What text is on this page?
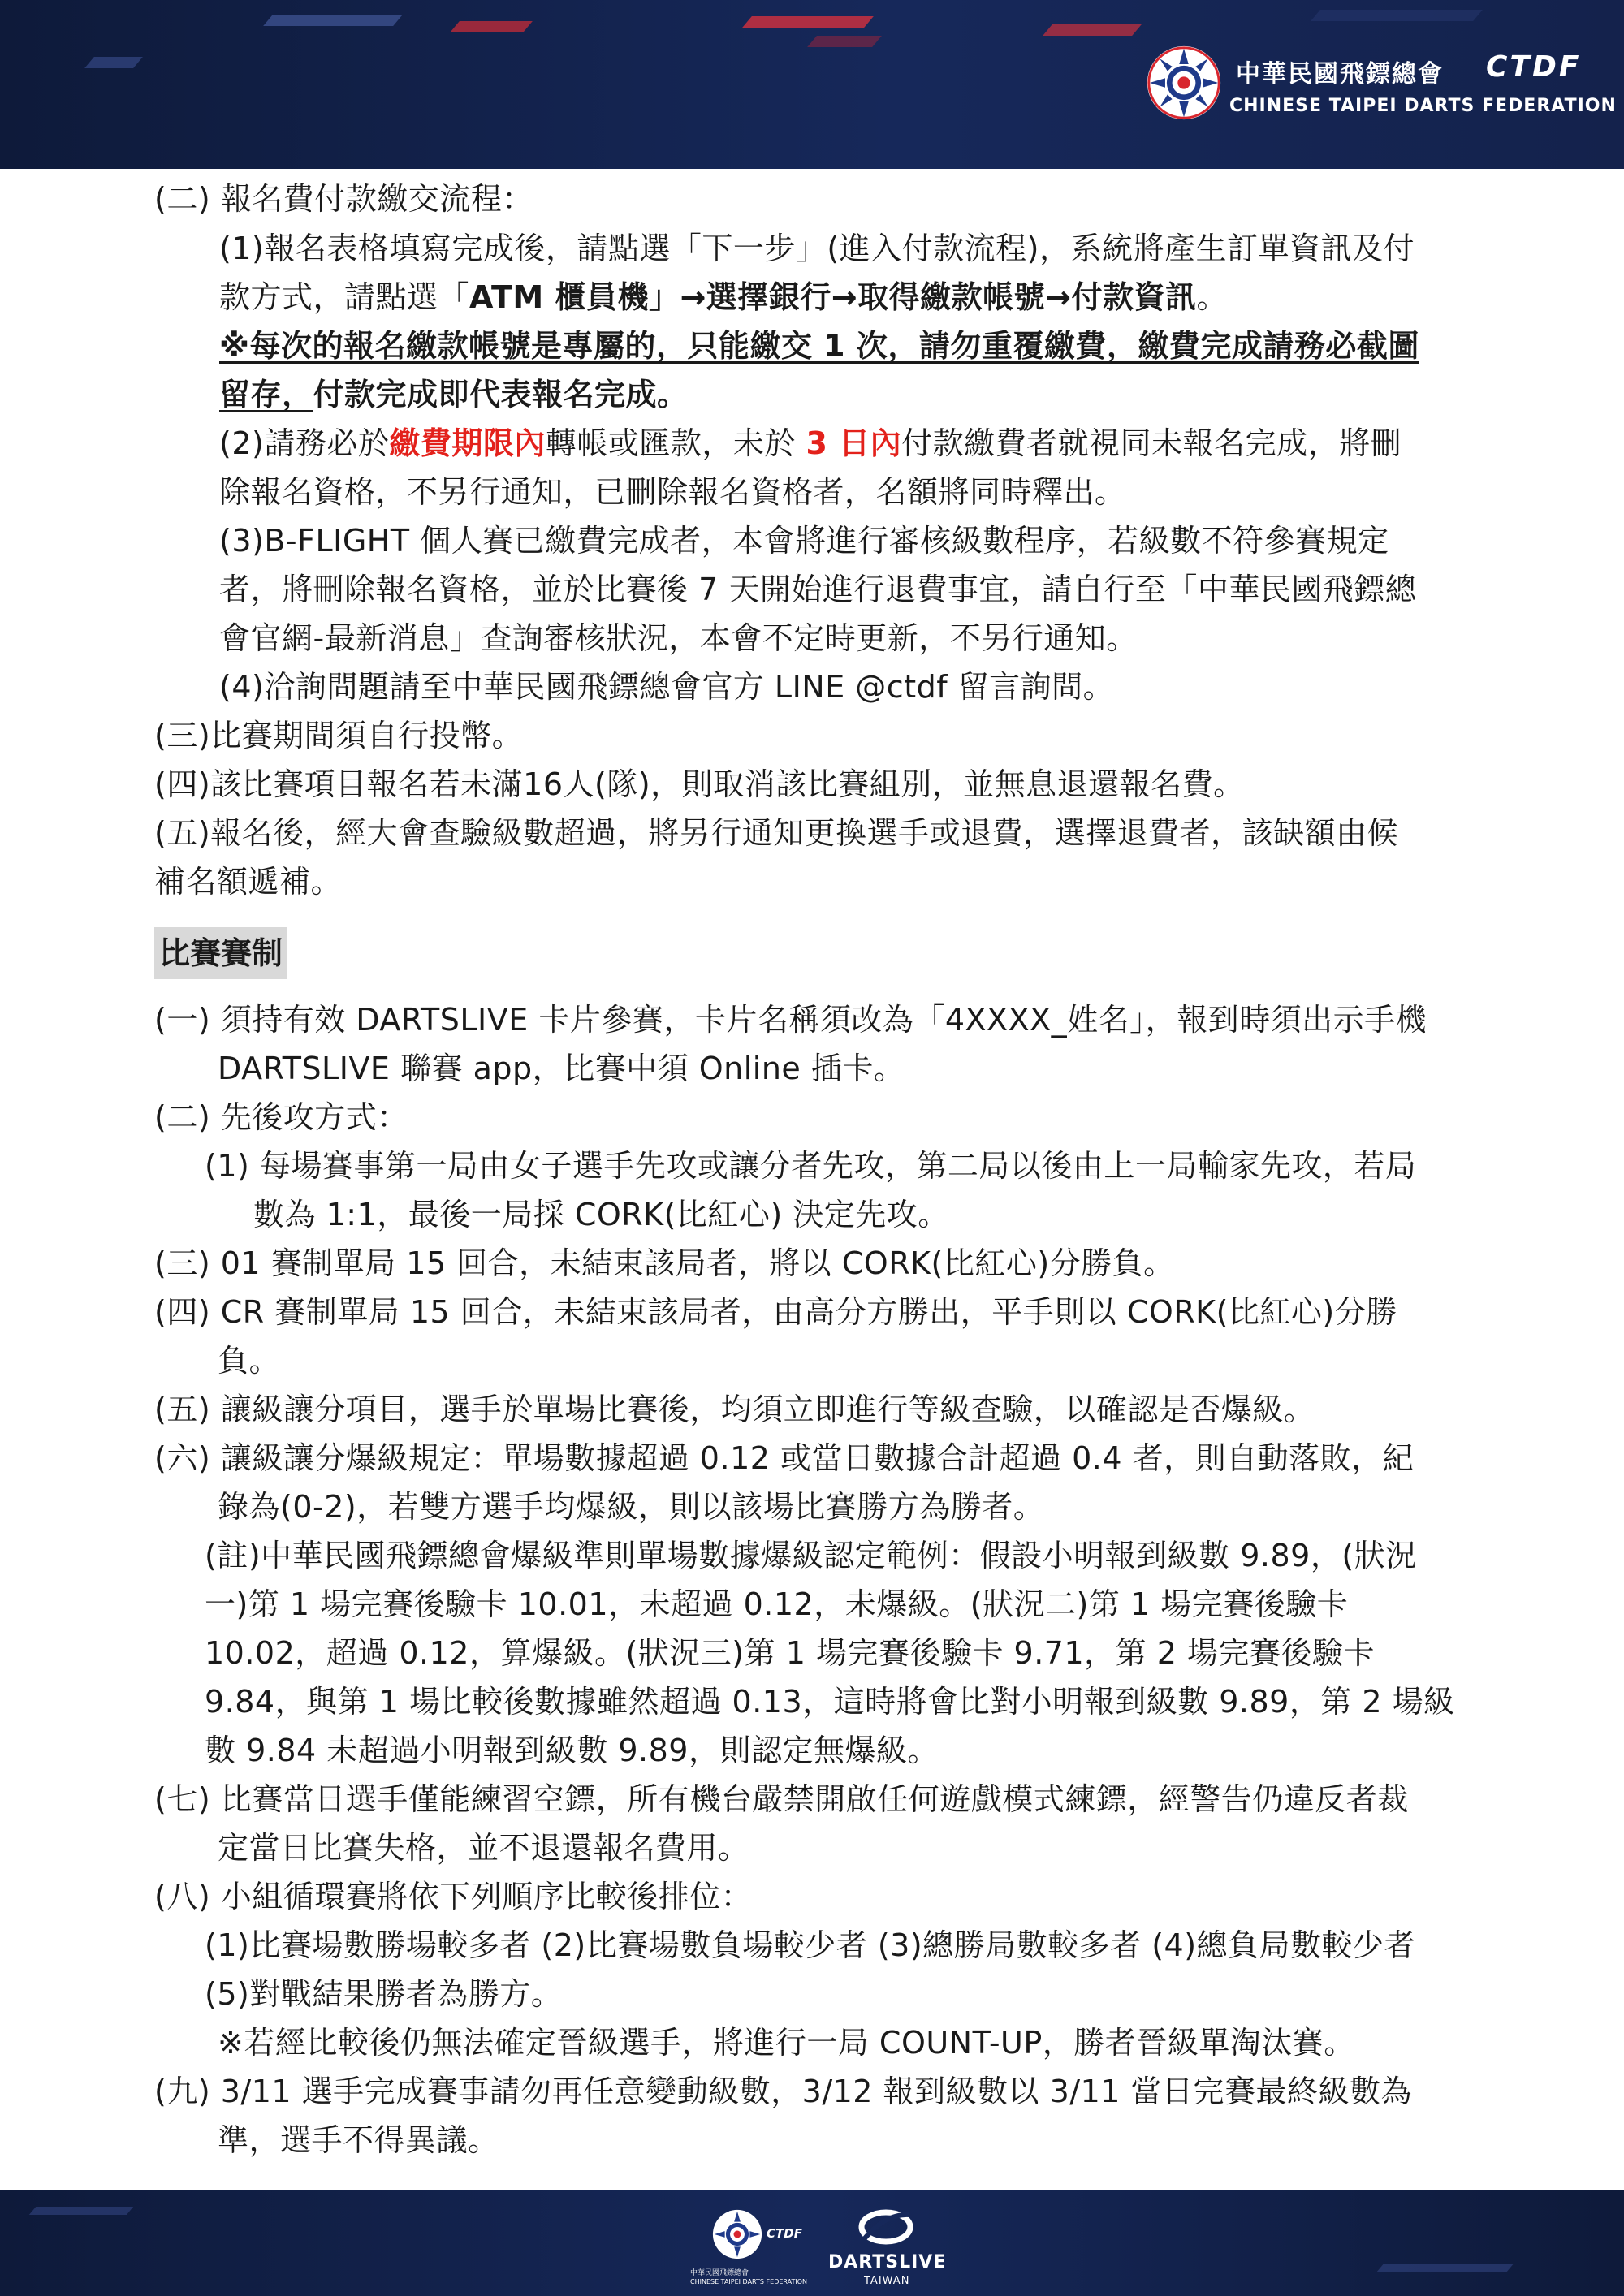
中華民國飛鏢總會 CTDF
CHINESE TAIPEI DARTS FEDERATION
(二) 報名費付款繳交流程：
(1)報名表格填寫完成後，請點選「下一步」(進入付款流程)，系統將產生訂單資訊及付
款方式，請點選「ATM 櫃員機」→選擇銀行→取得繳款帳號→付款資訊。
※每次的報名繳款帳號是專屬的，只能繳交 1 次，請勿重覆繳費，繳費完成請務必截圖
留存，付款完成即代表報名完成。
(2)請務必於繳費期限內轉帳或匯款，未於 3 日內付款繳費者就視同未報名完成，將刪
除報名資格，不另行通知，已刪除報名資格者，名額將同時釋出。
(3)B-FLIGHT 個人賽已繳費完成者，本會將進行審核級數程序，若級數不符參賽規定
者，將刪除報名資格，並於比賽後 7 天開始進行退費事宜，請自行至「中華民國飛鏢總
會官網-最新消息」查詢審核狀況，本會不定時更新，不另行通知。
(4)洽詢問題請至中華民國飛鏢總會官方 LINE @ctdf 留言詢問。
(三)比賽期間須自行投幣。
(四)該比賽項目報名若未滿16人(隊)，則取消該比賽組別，並無息退還報名費。
(五)報名後，經大會查驗級數超過，將另行通知更換選手或退費，選擇退費者，該缺額由候
補名額遞補。
比賽賽制
(一) 須持有效 DARTSLIVE 卡片參賽，卡片名稱須改為「4XXXX_姓名」，報到時須出示手機
DARTSLIVE 聯賽 app，比賽中須 Online 插卡。
(二) 先後攻方式：
(1) 每場賽事第一局由女子選手先攻或讓分者先攻，第二局以後由上一局輸家先攻，若局
數為 1:1，最後一局採 CORK(比紅心) 決定先攻。
(三) 01 賽制單局 15 回合，未結束該局者，將以 CORK(比紅心)分勝負。
(四) CR 賽制單局 15 回合，未結束該局者，由高分方勝出，平手則以 CORK(比紅心)分勝
負。
(五) 讓級讓分項目，選手於單場比賽後，均須立即進行等級查驗，以確認是否爆級。
(六) 讓級讓分爆級規定：單場數據超過 0.12 或當日數據合計超過 0.4 者，則自動落敗，紀
錄為(0-2)，若雙方選手均爆級，則以該場比賽勝方為勝者。
(註)中華民國飛鏢總會爆級準則單場數據爆級認定範例：假設小明報到級數 9.89，(狀況
一)第 1 場完賽後驗卡 10.01，未超過 0.12，未爆級。(狀況二)第 1 場完賽後驗卡
10.02，超過 0.12，算爆級。(狀況三)第 1 場完賽後驗卡 9.71，第 2 場完賽後驗卡
9.84，與第 1 場比較後數據雖然超過 0.13，這時將會比對小明報到級數 9.89，第 2 場級
數 9.84 未超過小明報到級數 9.89，則認定無爆級。
(七) 比賽當日選手僅能練習空鏢，所有機台嚴禁開啟任何遊戲模式練鏢，經警告仍違反者裁
定當日比賽失格，並不退還報名費用。
(八) 小組循環賽將依下列順序比較後排位：
(1)比賽場數勝場較多者 (2)比賽場數負場較少者 (3)總勝局數較多者 (4)總負局數較少者
(5)對戰結果勝者為勝方。
※若經比較後仍無法確定晉級選手，將進行一局 COUNT-UP，勝者晉級單淘汰賽。
(九) 3/11 選手完成賽事請勿再任意變動級數，3/12 報到級數以 3/11 當日完賽最終級數為
準，選手不得異議。
CTDF
中華民國飛鏢總會
CHINESE TAIPEI DARTS FEDERATION
DARTSLIVE
TAIWAN
